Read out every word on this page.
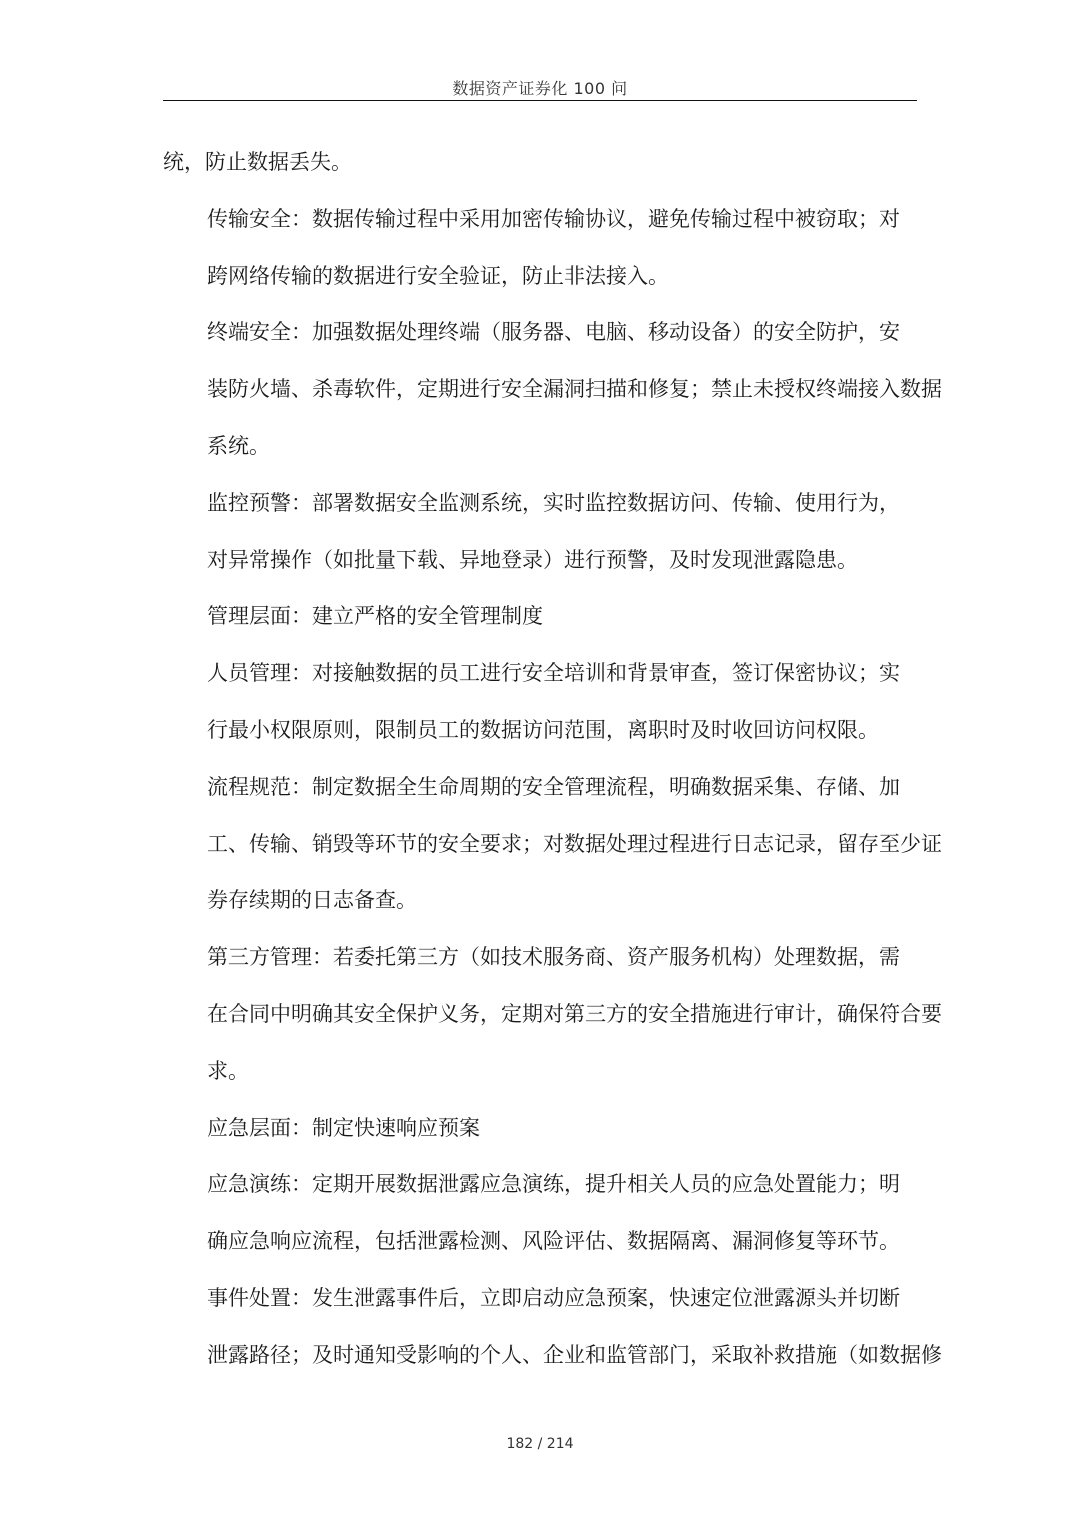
数据资产证券化 100 问
统，防止数据丢失。
传输安全：数据传输过程中采用加密传输协议，避免传输过程中被窃取；对
跨网络传输的数据进行安全验证，防止非法接入。
终端安全：加强数据处理终端（服务器、电脑、移动设备）的安全防护，安
装防火墙、杀毒软件，定期进行安全漏洞扫描和修复；禁止未授权终端接入数据
系统。
监控预警：部署数据安全监测系统，实时监控数据访问、传输、使用行为，
对异常操作（如批量下载、异地登录）进行预警，及时发现泄露隐患。
管理层面：建立严格的安全管理制度
人员管理：对接触数据的员工进行安全培训和背景审查，签订保密协议；实
行最小权限原则，限制员工的数据访问范围，离职时及时收回访问权限。
流程规范：制定数据全生命周期的安全管理流程，明确数据采集、存储、加
工、传输、销毁等环节的安全要求；对数据处理过程进行日志记录，留存至少证
券存续期的日志备查。
第三方管理：若委托第三方（如技术服务商、资产服务机构）处理数据，需
在合同中明确其安全保护义务，定期对第三方的安全措施进行审计，确保符合要
求。
应急层面：制定快速响应预案
应急演练：定期开展数据泄露应急演练，提升相关人员的应急处置能力；明
确应急响应流程，包括泄露检测、风险评估、数据隔离、漏洞修复等环节。
事件处置：发生泄露事件后，立即启动应急预案，快速定位泄露源头并切断
泄露路径；及时通知受影响的个人、企业和监管部门，采取补救措施（如数据修
182 / 214
